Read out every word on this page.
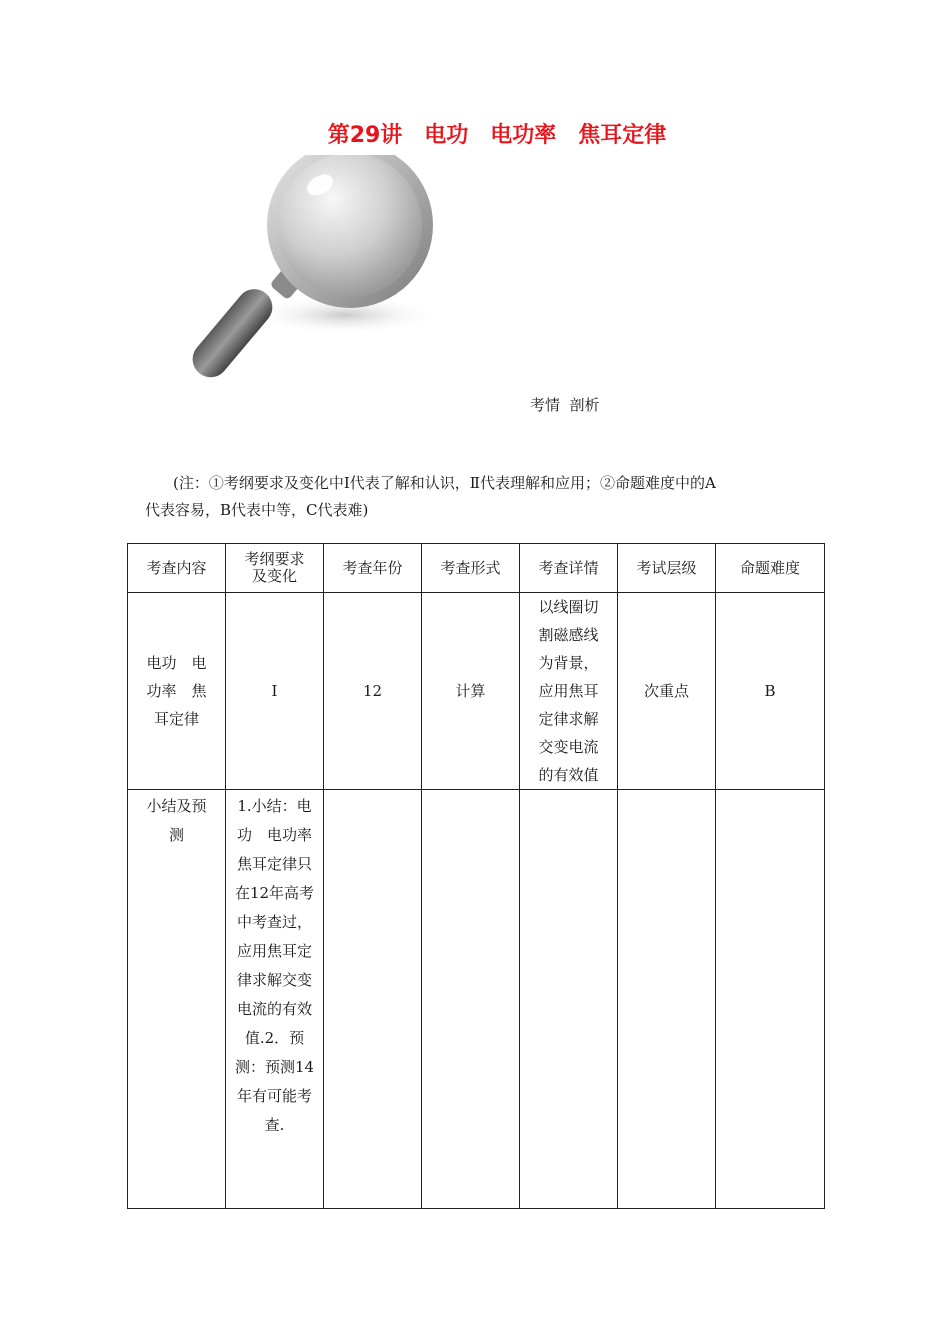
第29讲　电功　电功率　焦耳定律
考情  剖析
(注：①考纲要求及变化中Ⅰ代表了解和认识，Ⅱ代表理解和应用；②命题难度中的A
代表容易，B代表中等，C代表难)
考查内容	考纲要求及变化	考查年份	考查形式	考查详情	考试层级	命题难度
电功　电功率　焦耳定律	Ⅰ	12	计算	以线圈切割磁感线为背景，应用焦耳定律求解交变电流的有效值	次重点	B
小结及预测	1.小结：电功　电功率　焦耳定律只在12年高考中考查过，应用焦耳定律求解交变电流的有效值.2．预测：预测14年有可能考查.					
